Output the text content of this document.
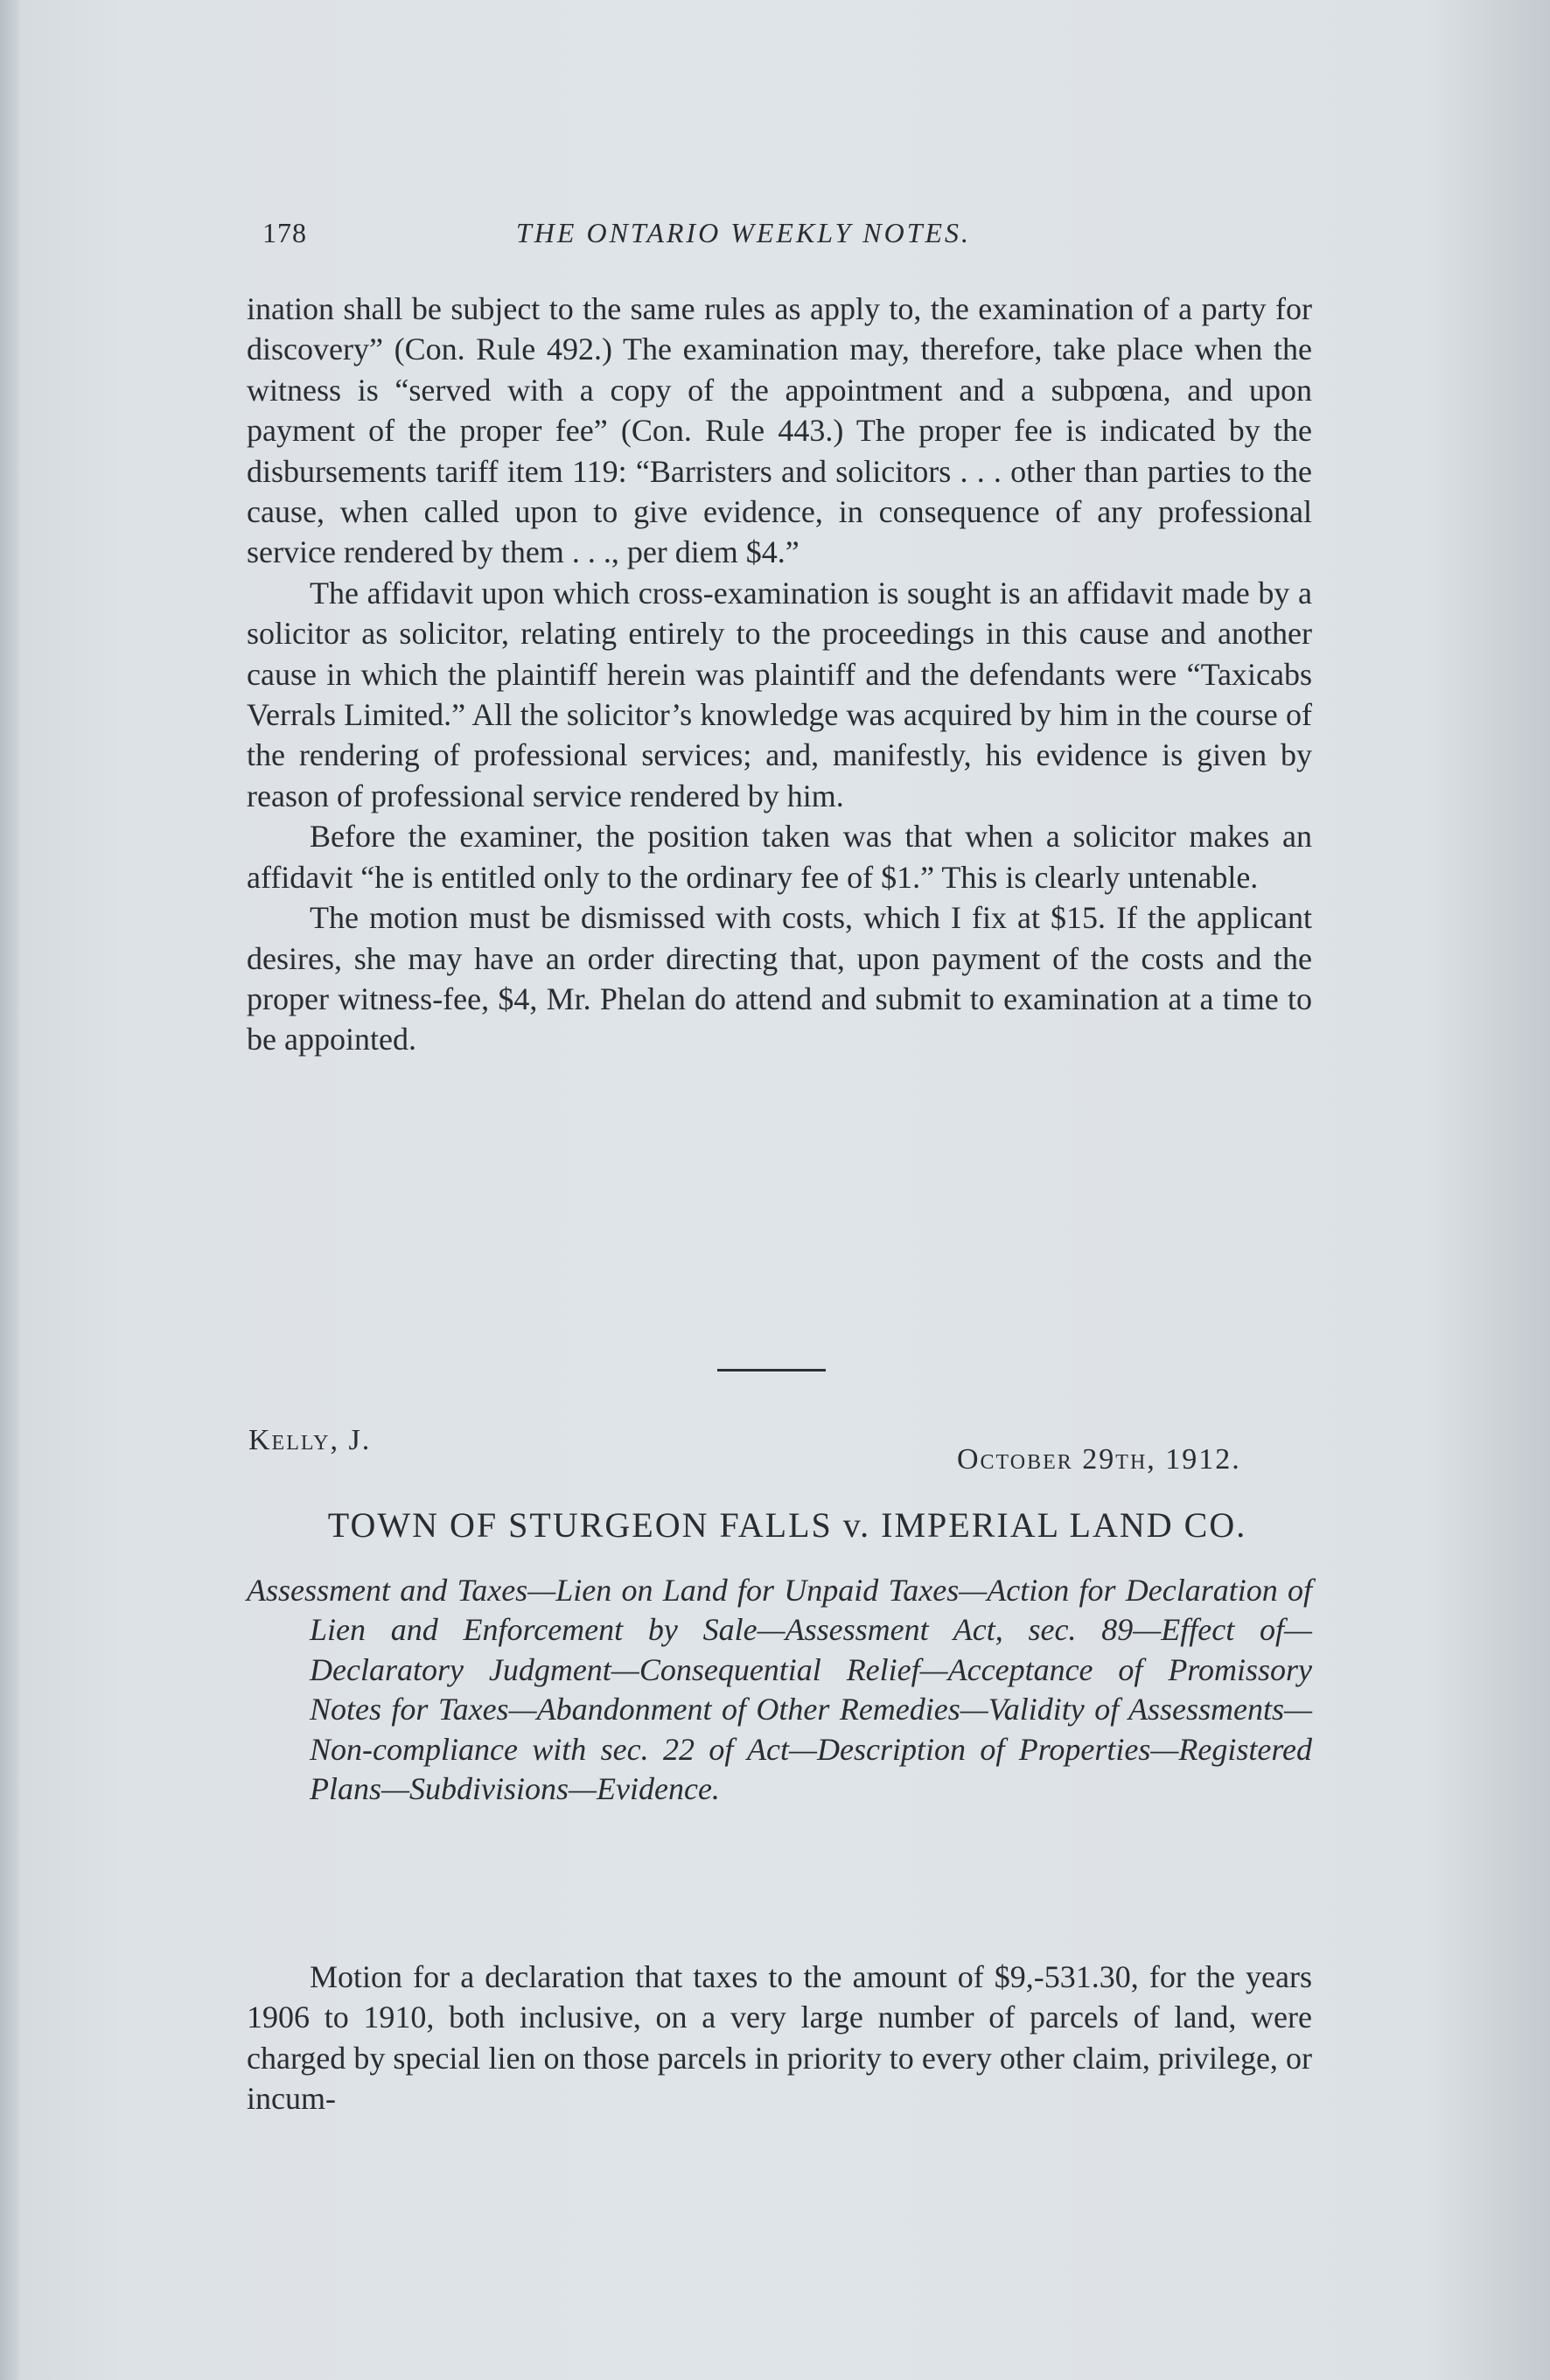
178	THE ONTARIO WEEKLY NOTES.

ination shall be subject to the same rules as apply to, the examination of a party for discovery” (Con. Rule 492.) The examination may, therefore, take place when the witness is “served with a copy of the appointment and a subpœna, and upon payment of the proper fee” (Con. Rule 443.) The proper fee is indicated by the disbursements tariff item 119: “Barristers and solicitors . . . other than parties to the cause, when called upon to give evidence, in consequence of any professional service rendered by them . . ., per diem $4.”

The affidavit upon which cross-examination is sought is an affidavit made by a solicitor as solicitor, relating entirely to the proceedings in this cause and another cause in which the plaintiff herein was plaintiff and the defendants were “Taxicabs Verrals Limited.” All the solicitor’s knowledge was acquired by him in the course of the rendering of professional services; and, manifestly, his evidence is given by reason of professional service rendered by him.

Before the examiner, the position taken was that when a solicitor makes an affidavit “he is entitled only to the ordinary fee of $1.” This is clearly untenable.

The motion must be dismissed with costs, which I fix at $15. If the applicant desires, she may have an order directing that, upon payment of the costs and the proper witness-fee, $4, Mr. Phelan do attend and submit to examination at a time to be appointed.

Kelly, J.
October 29th, 1912.
TOWN OF STURGEON FALLS v. IMPERIAL LAND CO.

Assessment and Taxes—Lien on Land for Unpaid Taxes—Action for Declaration of Lien and Enforcement by Sale—Assessment Act, sec. 89—Effect of—Declaratory Judgment—Consequential Relief—Acceptance of Promissory Notes for Taxes—Abandonment of Other Remedies—Validity of Assessments—Non-compliance with sec. 22 of Act—Description of Properties—Registered Plans—Subdivisions—Evidence.

Motion for a declaration that taxes to the amount of $9,-531.30, for the years 1906 to 1910, both inclusive, on a very large number of parcels of land, were charged by special lien on those parcels in priority to every other claim, privilege, or incum-
